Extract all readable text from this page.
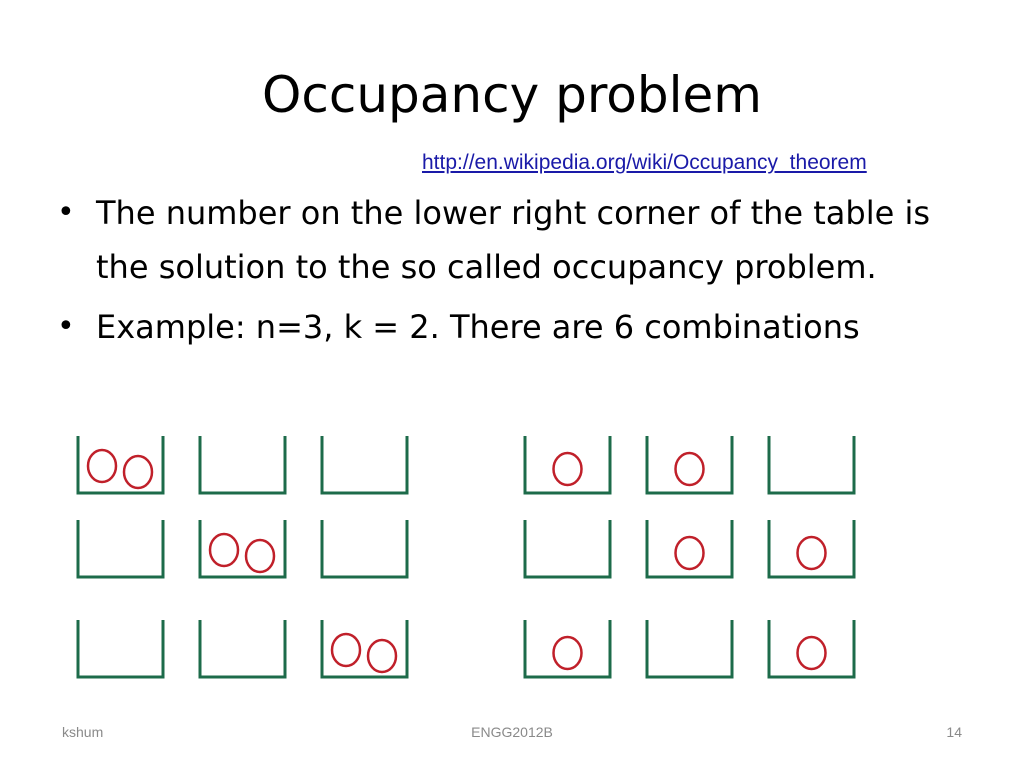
Occupancy problem
http://en.wikipedia.org/wiki/Occupancy_theorem
• The number on the lower right corner of the table is the solution to the so called occupancy problem.
• Example: n=3, k = 2. There are 6 combinations
kshum	ENGG2012B	14
